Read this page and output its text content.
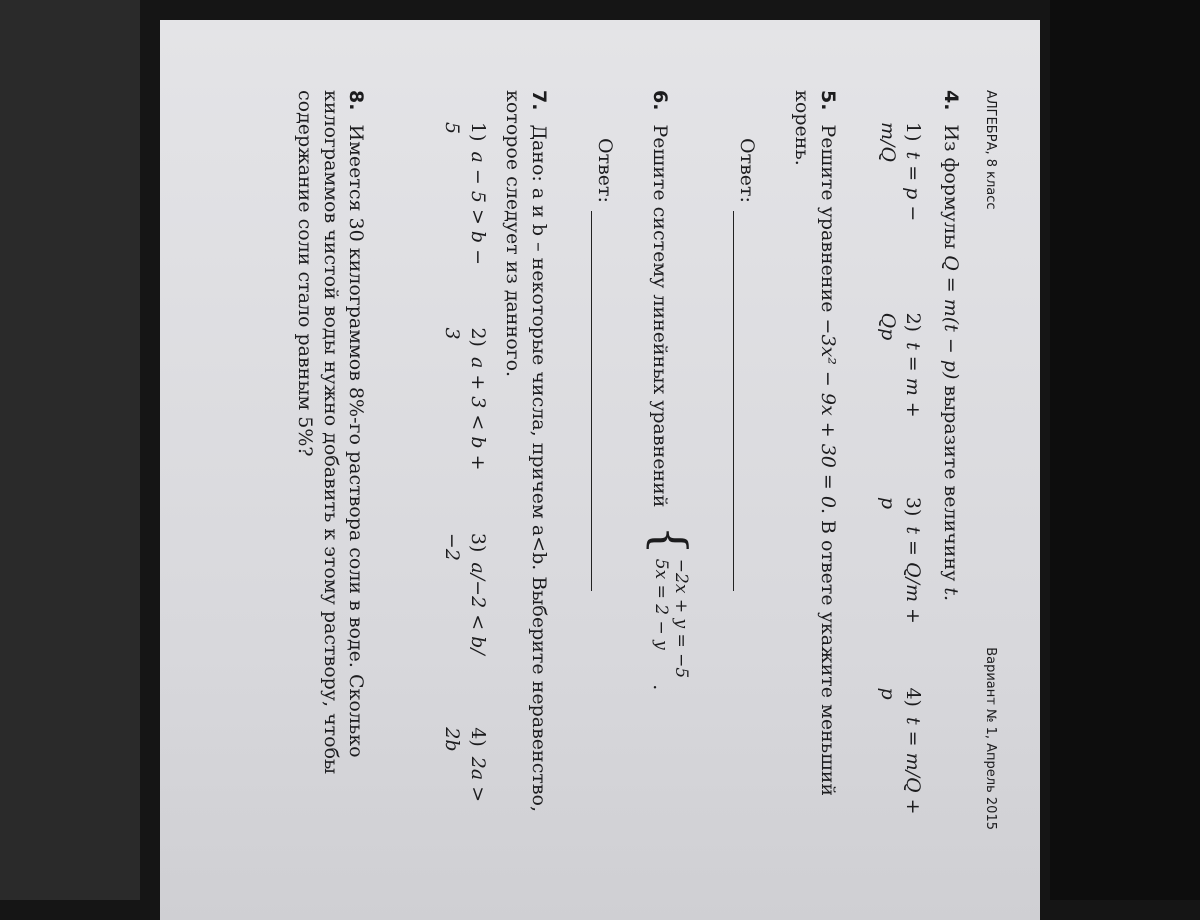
АЛГЕБРА, 8 класс
Вариант № 1, Апрель 2015
4. Из формулы Q = m(t − p) выразите величину t.
1)t = p − m/Q
2)t = m + Qp
3)t = Q/m + p
4)t = m/Q + p
5. Решите уравнение −3x² − 9x + 30 = 0. В ответе укажите меньший корень.
Ответ:
6. Решите систему линейных уравнений
{
−2x + y = −5
5x = 2 − y
.
Ответ:
7. Дано: a и b – некоторые числа, причем a<b. Выберите неравенство, которое следует из данного.
1)a − 5 > b − 5
2)a + 3 < b + 3
3)a/−2 < b/−2
4)2a > 2b
8. Имеется 30 килограммов 8%-го раствора соли в воде. Сколько килограммов чистой воды нужно добавить к этому раствору, чтобы содержание соли стало равным 5%?
